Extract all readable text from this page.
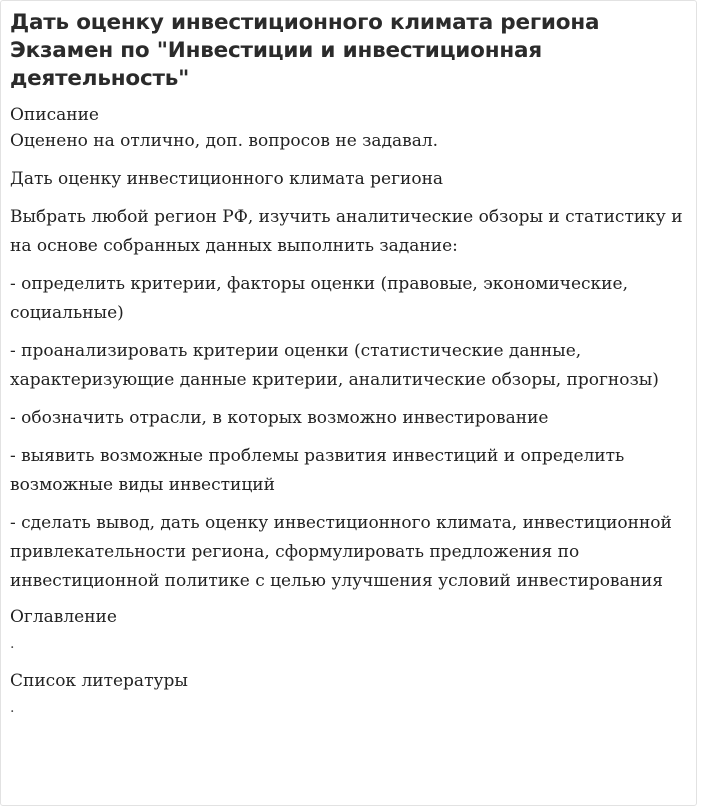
Дать оценку инвестиционного климата региона Экзамен по "Инвестиции и инвестиционная деятельность"

Описание

Оценено на отлично, доп. вопросов не задавал.

Дать оценку инвестиционного климата региона

Выбрать любой регион РФ, изучить аналитические обзоры и статистику и на основе собранных данных выполнить задание:

- определить критерии, факторы оценки (правовые, экономические, социальные)

- проанализировать критерии оценки (статистические данные, характеризующие данные критерии, аналитические обзоры, прогнозы)

- обозначить отрасли, в которых возможно инвестирование

- выявить возможные проблемы развития инвестиций и определить возможные виды инвестиций

- сделать вывод, дать оценку инвестиционного климата, инвестиционной привлекательности региона, сформулировать предложения по инвестиционной политике с целью улучшения условий инвестирования

Оглавление

.

Список литературы

.
